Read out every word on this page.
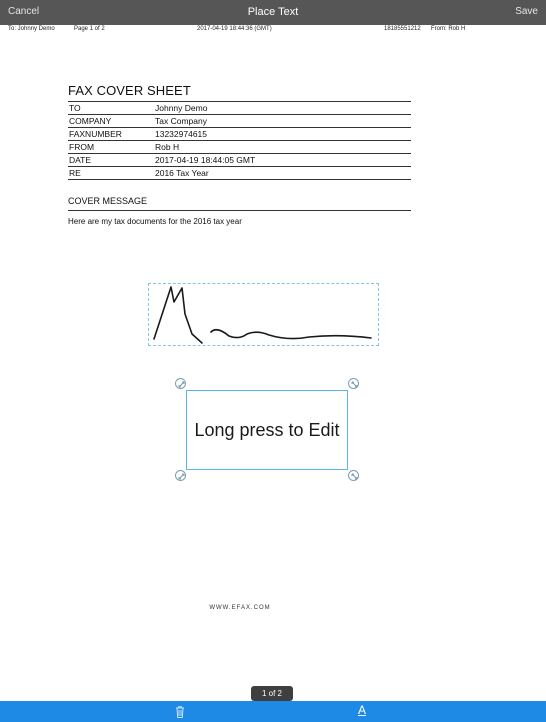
Cancel	Place Text	Save
To: Johnny Demo	Page 1 of 2	2017-04-19 18:44:36 (GMT)	18185551212 From: Rob H
FAX COVER SHEET
TO	Johnny Demo
COMPANY	Tax Company
FAXNUMBER	13232974615
FROM	Rob H
DATE	2017-04-19 18:44:05 GMT
RE	2016 Tax Year
COVER MESSAGE
Here are my tax documents for the 2016 tax year
Long press to Edit
WWW.EFAX.COM
1 of 2
A
